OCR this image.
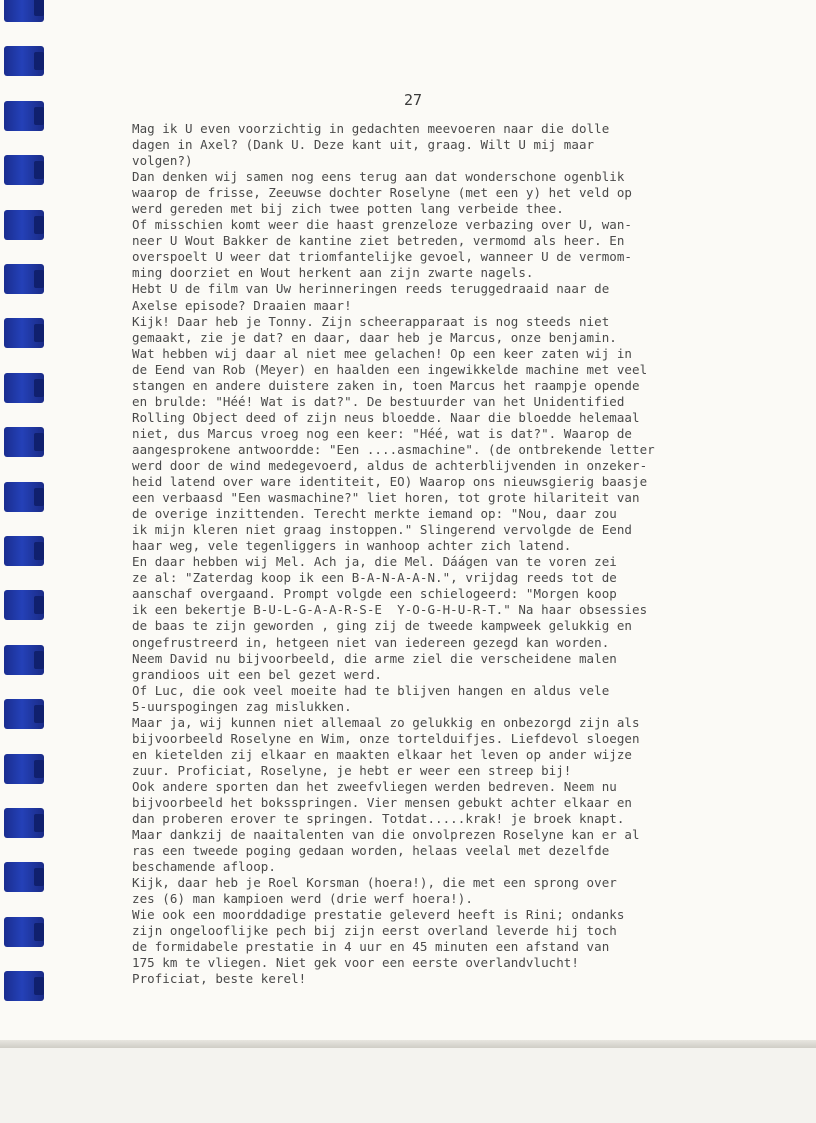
27
Mag ik U even voorzichtig in gedachten meevoeren naar die dolle
dagen in Axel? (Dank U. Deze kant uit, graag. Wilt U mij maar
volgen?)
Dan denken wij samen nog eens terug aan dat wonderschone ogenblik
waarop de frisse, Zeeuwse dochter Roselyne (met een y) het veld op
werd gereden met bij zich twee potten lang verbeide thee.
Of misschien komt weer die haast grenzeloze verbazing over U, wan-
neer U Wout Bakker de kantine ziet betreden, vermomd als heer. En
overspoelt U weer dat triomfantelijke gevoel, wanneer U de vermom-
ming doorziet en Wout herkent aan zijn zwarte nagels.
Hebt U de film van Uw herinneringen reeds teruggedraaid naar de
Axelse episode? Draaien maar!
Kijk! Daar heb je Tonny. Zijn scheerapparaat is nog steeds niet
gemaakt, zie je dat? en daar, daar heb je Marcus, onze benjamin.
Wat hebben wij daar al niet mee gelachen! Op een keer zaten wij in
de Eend van Rob (Meyer) en haalden een ingewikkelde machine met veel
stangen en andere duistere zaken in, toen Marcus het raampje opende
en brulde: "Héé! Wat is dat?". De bestuurder van het Unidentified
Rolling Object deed of zijn neus bloedde. Naar die bloedde helemaal
niet, dus Marcus vroeg nog een keer: "Héé, wat is dat?". Waarop de
aangesprokene antwoordde: "Een ....asmachine". (de ontbrekende letter
werd door de wind medegevoerd, aldus de achterblijvenden in onzeker-
heid latend over ware identiteit, EO) Waarop ons nieuwsgierig baasje
een verbaasd "Een wasmachine?" liet horen, tot grote hilariteit van
de overige inzittenden. Terecht merkte iemand op: "Nou, daar zou
ik mijn kleren niet graag instoppen." Slingerend vervolgde de Eend
haar weg, vele tegenliggers in wanhoop achter zich latend.
En daar hebben wij Mel. Ach ja, die Mel. Dáágen van te voren zei
ze al: "Zaterdag koop ik een B-A-N-A-A-N.", vrijdag reeds tot de
aanschaf overgaand. Prompt volgde een schielogeerd: "Morgen koop
ik een bekertje B-U-L-G-A-A-R-S-E  Y-O-G-H-U-R-T." Na haar obsessies
de baas te zijn geworden , ging zij de tweede kampweek gelukkig en
ongefrustreerd in, hetgeen niet van iedereen gezegd kan worden.
Neem David nu bijvoorbeeld, die arme ziel die verscheidene malen
grandioos uit een bel gezet werd.
Of Luc, die ook veel moeite had te blijven hangen en aldus vele
5-uurspogingen zag mislukken.
Maar ja, wij kunnen niet allemaal zo gelukkig en onbezorgd zijn als
bijvoorbeeld Roselyne en Wim, onze tortelduifjes. Liefdevol sloegen
en kietelden zij elkaar en maakten elkaar het leven op ander wijze
zuur. Proficiat, Roselyne, je hebt er weer een streep bij!
Ook andere sporten dan het zweefvliegen werden bedreven. Neem nu
bijvoorbeeld het boksspringen. Vier mensen gebukt achter elkaar en
dan proberen erover te springen. Totdat.....krak! je broek knapt.
Maar dankzij de naaitalenten van die onvolprezen Roselyne kan er al
ras een tweede poging gedaan worden, helaas veelal met dezelfde
beschamende afloop.
Kijk, daar heb je Roel Korsman (hoera!), die met een sprong over
zes (6) man kampioen werd (drie werf hoera!).
Wie ook een moorddadige prestatie geleverd heeft is Rini; ondanks
zijn ongelooflijke pech bij zijn eerst overland leverde hij toch
de formidabele prestatie in 4 uur en 45 minuten een afstand van
175 km te vliegen. Niet gek voor een eerste overlandvlucht!
Proficiat, beste kerel!
